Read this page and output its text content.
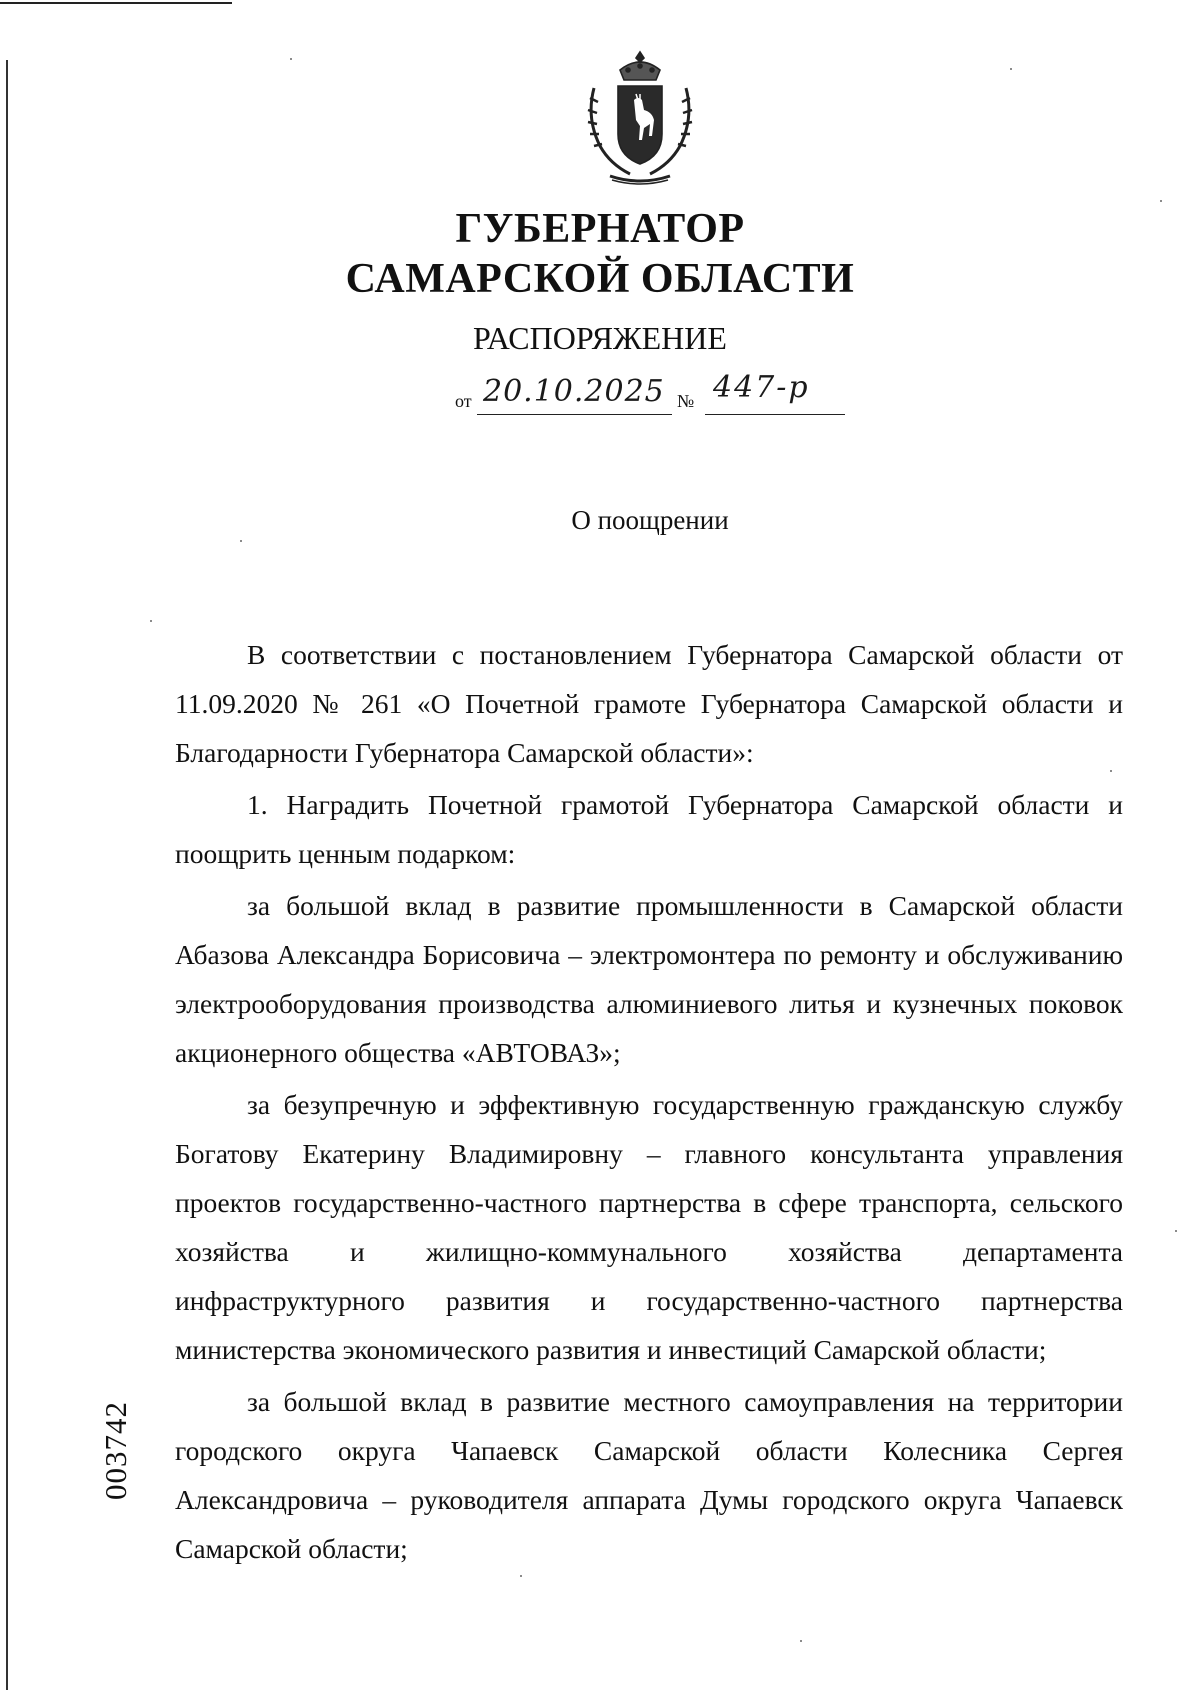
ГУБЕРНАТОР
САМАРСКОЙ ОБЛАСТИ
РАСПОРЯЖЕНИЕ
от 20.10.2025 № 447-р
О поощрении

В соответствии с постановлением Губернатора Самарской области от 11.09.2020 № 261 «О Почетной грамоте Губернатора Самарской области и Благодарности Губернатора Самарской области»:

1. Наградить Почетной грамотой Губернатора Самарской области и поощрить ценным подарком:

за большой вклад в развитие промышленности в Самарской области Абазова Александра Борисовича – электромонтера по ремонту и обслуживанию электрооборудования производства алюминиевого литья и кузнечных поковок акционерного общества «АВТОВАЗ»;

за безупречную и эффективную государственную гражданскую службу Богатову Екатерину Владимировну – главного консультанта управления проектов государственно-частного партнерства в сфере транспорта, сельского хозяйства и жилищно-коммунального хозяйства департамента инфраструктурного развития и государственно-частного партнерства министерства экономического развития и инвестиций Самарской области;

за большой вклад в развитие местного самоуправления на территории городского округа Чапаевск Самарской области Колесника Сергея Александровича – руководителя аппарата Думы городского округа Чапаевск Самарской области;

003742
